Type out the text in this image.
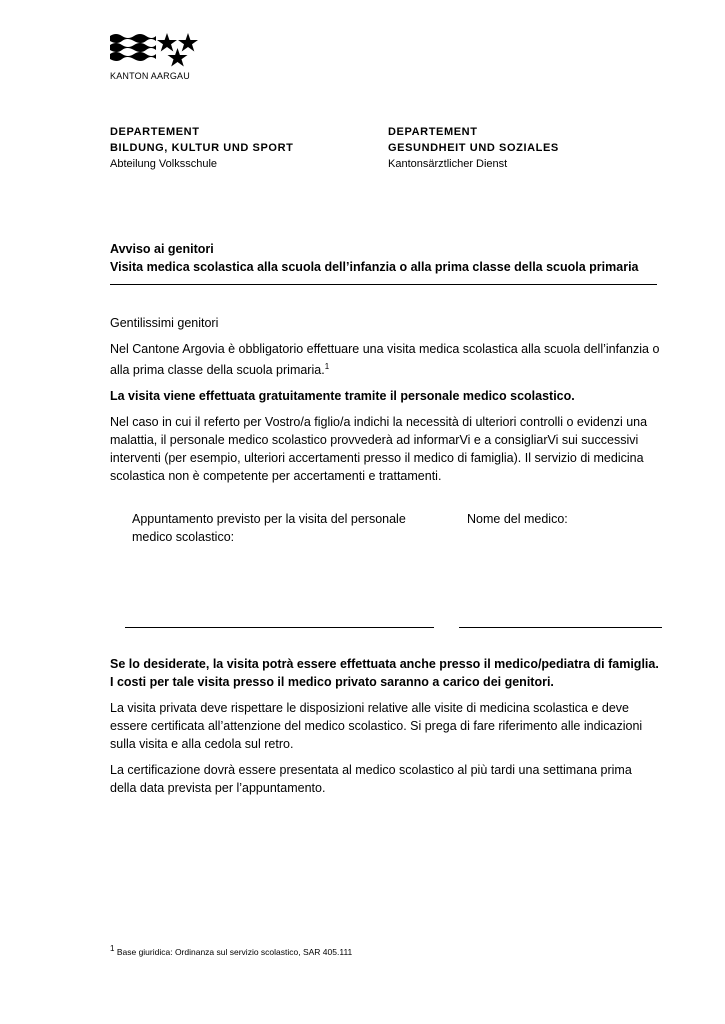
KANTON AARGAU
DEPARTEMENT
BILDUNG, KULTUR UND SPORT
Abteilung Volksschule
DEPARTEMENT
GESUNDHEIT UND SOZIALES
Kantonsärztlicher Dienst
Avviso ai genitori
Visita medica scolastica alla scuola dell’infanzia o alla prima classe della scuola primaria

Gentilissimi genitori

Nel Cantone Argovia è obbligatorio effettuare una visita medica scolastica alla scuola dell’infanzia o alla prima classe della scuola primaria.$^1$

La visita viene effettuata gratuitamente tramite il personale medico scolastico.

Nel caso in cui il referto per Vostro/a figlio/a indichi la necessità di ulteriori controlli o evidenzi una malattia, il personale medico scolastico provvederà ad informarVi e a consigliarVi sui successivi interventi (per esempio, ulteriori accertamenti presso il medico di famiglia). Il servizio di medicina scolastica non è competente per accertamenti e trattamenti.

Appuntamento previsto per la visita del personale medico scolastico:
Nome del medico:

Se lo desiderate, la visita potrà essere effettuata anche presso il medico/pediatra di famiglia. I costi per tale visita presso il medico privato saranno a carico dei genitori.

La visita privata deve rispettare le disposizioni relative alle visite di medicina scolastica e deve essere certificata all’attenzione del medico scolastico. Si prega di fare riferimento alle indicazioni sulla visita e alla cedola sul retro.

La certificazione dovrà essere presentata al medico scolastico al più tardi una settimana prima della data prevista per l’appuntamento.

$^1$ Base giuridica: Ordinanza sul servizio scolastico, SAR 405.111
